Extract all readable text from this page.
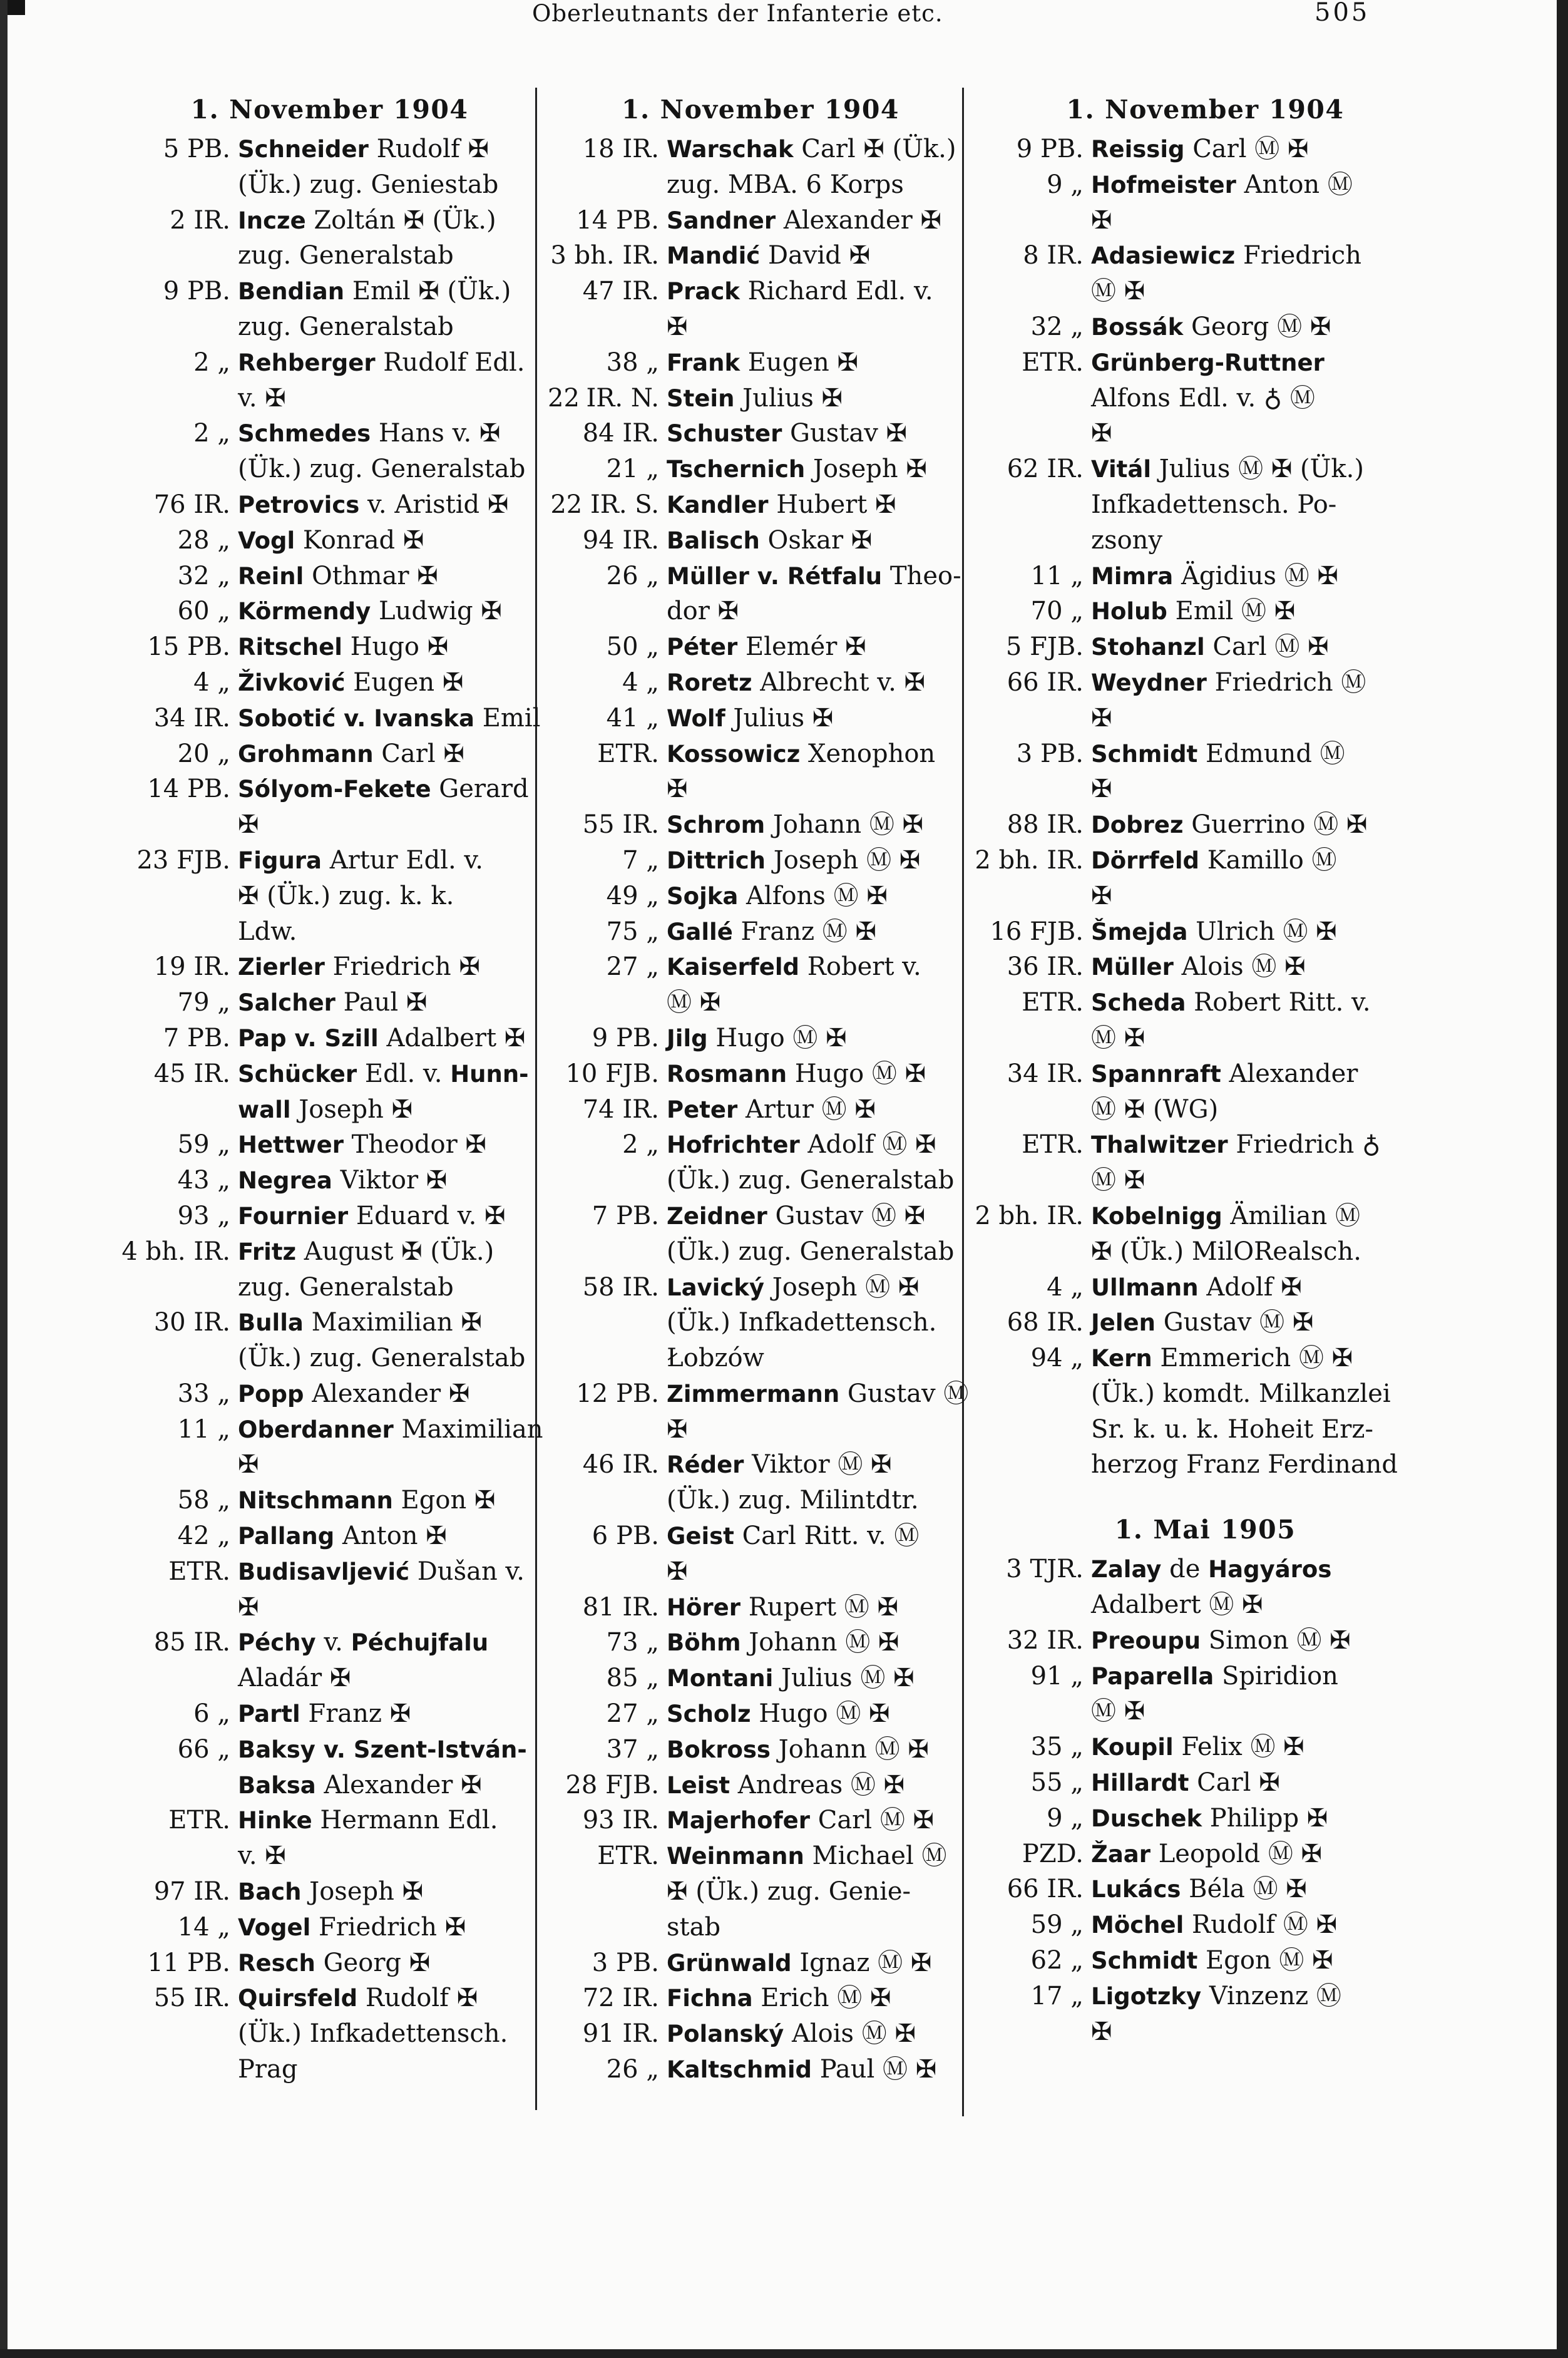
Oberleutnants der Infanterie etc.	505
1. November 1904
5 PB. Schneider Rudolf ✠
(Ük.) zug. Geniestab
2 IR. Incze Zoltán ✠ (Ük.)
zug. Generalstab
9 PB. Bendian Emil ✠ (Ük.)
zug. Generalstab
2 „ Rehberger Rudolf Edl.
v. ✠
2 „ Schmedes Hans v. ✠
(Ük.) zug. Generalstab
76 IR. Petrovics v. Aristid ✠
28 „ Vogl Konrad ✠
32 „ Reinl Othmar ✠
60 „ Körmendy Ludwig ✠
15 PB. Ritschel Hugo ✠
4 „ Živković Eugen ✠
34 IR. Sobotić v. Ivanska Emil
20 „ Grohmann Carl ✠
14 PB. Sólyom-Fekete Gerard
✠
23 FJB. Figura Artur Edl. v.
✠ (Ük.) zug. k. k.
Ldw.
19 IR. Zierler Friedrich ✠
79 „ Salcher Paul ✠
7 PB. Pap v. Szill Adalbert ✠
45 IR. Schücker Edl. v. Hunn-
wall Joseph ✠
59 „ Hettwer Theodor ✠
43 „ Negrea Viktor ✠
93 „ Fournier Eduard v. ✠
4 bh. IR. Fritz August ✠ (Ük.)
zug. Generalstab
30 IR. Bulla Maximilian ✠
(Ük.) zug. Generalstab
33 „ Popp Alexander ✠
11 „ Oberdanner Maximilian
✠
58 „ Nitschmann Egon ✠
42 „ Pallang Anton ✠
ETR. Budisavljević Dušan v.
✠
85 IR. Péchy v. Péchujfalu
Aladár ✠
6 „ Partl Franz ✠
66 „ Baksy v. Szent-István-
Baksa Alexander ✠
ETR. Hinke Hermann Edl.
v. ✠
97 IR. Bach Joseph ✠
14 „ Vogel Friedrich ✠
11 PB. Resch Georg ✠
55 IR. Quirsfeld Rudolf ✠
(Ük.) Infkadettensch.
Prag
1. November 1904
18 IR. Warschak Carl ✠ (Ük.)
zug. MBA. 6 Korps
14 PB. Sandner Alexander ✠
3 bh. IR. Mandić David ✠
47 IR. Prack Richard Edl. v.
✠
38 „ Frank Eugen ✠
22
IR. N. Stein Julius ✠
84 IR. Schuster Gustav ✠
21 „ Tschernich Joseph ✠
22 IR. S. Kandler Hubert ✠
94 IR. Balisch Oskar ✠
26 „ Müller v. Rétfalu Theo-
dor ✠
50 „ Péter Elemér ✠
4 „ Roretz Albrecht v. ✠
41 „ Wolf Julius ✠
ETR. Kossowicz Xenophon
✠
55 IR. Schrom Johann Ⓜ ✠
7 „ Dittrich Joseph Ⓜ ✠
49 „ Sojka Alfons Ⓜ ✠
75 „ Gallé Franz Ⓜ ✠
27 „ Kaiserfeld Robert v.
Ⓜ ✠
9 PB. Jilg Hugo Ⓜ ✠
10 FJB. Rosmann Hugo Ⓜ ✠
74 IR. Peter Artur Ⓜ ✠
2 „ Hofrichter Adolf Ⓜ ✠
(Ük.) zug. Generalstab
7 PB. Zeidner Gustav Ⓜ ✠
(Ük.) zug. Generalstab
58 IR. Lavický Joseph Ⓜ ✠
(Ük.) Infkadettensch.
Łobzów
12 PB. Zimmermann Gustav Ⓜ
✠
46 IR. Réder Viktor Ⓜ ✠
(Ük.) zug. Milintdtr.
6 PB. Geist Carl Ritt. v. Ⓜ
✠
81 IR. Hörer Rupert Ⓜ ✠
73 „ Böhm Johann Ⓜ ✠
85 „ Montani Julius Ⓜ ✠
27 „ Scholz Hugo Ⓜ ✠
37 „ Bokross Johann Ⓜ ✠
28 FJB. Leist Andreas Ⓜ ✠
93 IR. Majerhofer Carl Ⓜ ✠
ETR. Weinmann Michael Ⓜ
✠ (Ük.) zug. Genie-
stab
3 PB. Grünwald Ignaz Ⓜ ✠
72 IR. Fichna Erich Ⓜ ✠
91 IR. Polanský Alois Ⓜ ✠
26 „ Kaltschmid Paul Ⓜ ✠
1. November 1904
9 PB. Reissig Carl Ⓜ ✠
9 „ Hofmeister Anton Ⓜ
✠
8 IR. Adasiewicz Friedrich
Ⓜ ✠
32 „ Bossák Georg Ⓜ ✠
ETR. Grünberg-Ruttner
Alfons Edl. v. ♁ Ⓜ
✠
62 IR. Vitál Julius Ⓜ ✠ (Ük.)
Infkadettensch. Po-
zsony
11 „ Mimra Ägidius Ⓜ ✠
70 „ Holub Emil Ⓜ ✠
5 FJB. Stohanzl Carl Ⓜ ✠
66 IR. Weydner Friedrich Ⓜ
✠
3 PB. Schmidt Edmund Ⓜ
✠
88 IR. Dobrez Guerrino Ⓜ ✠
2 bh. IR. Dörrfeld Kamillo Ⓜ
✠
16 FJB. Šmejda Ulrich Ⓜ ✠
36 IR. Müller Alois Ⓜ ✠
ETR. Scheda Robert Ritt. v.
Ⓜ ✠
34 IR. Spannraft Alexander
Ⓜ ✠ (WG)
ETR. Thalwitzer Friedrich ♁
Ⓜ ✠
2 bh. IR. Kobelnigg Ämilian Ⓜ
✠ (Ük.) MilORealsch.
4 „ Ullmann Adolf ✠
68 IR. Jelen Gustav Ⓜ ✠
94 „ Kern Emmerich Ⓜ ✠
(Ük.) komdt. Milkanzlei
Sr. k. u. k. Hoheit Erz-
herzog Franz Ferdinand
1. Mai 1905
3 TJR. Zalay de Hagyáros
Adalbert Ⓜ ✠
32 IR. Preoupu Simon Ⓜ ✠
91 „ Paparella Spiridion
Ⓜ ✠
35 „ Koupil Felix Ⓜ ✠
55 „ Hillardt Carl ✠
9 „ Duschek Philipp ✠
PZD. Žaar Leopold Ⓜ ✠
66 IR. Lukács Béla Ⓜ ✠
59 „ Möchel Rudolf Ⓜ ✠
62 „ Schmidt Egon Ⓜ ✠
17 „ Ligotzky Vinzenz Ⓜ
✠
